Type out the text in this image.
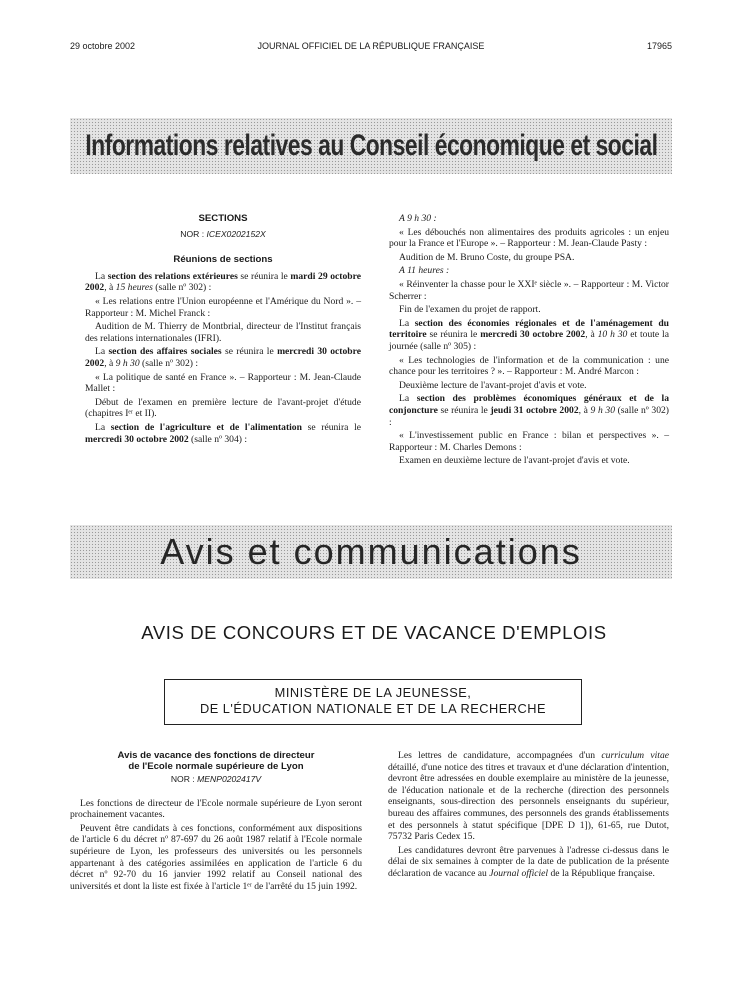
29 octobre 2002	JOURNAL OFFICIEL DE LA RÉPUBLIQUE FRANÇAISE	17965
Informations relatives au Conseil économique et social
SECTIONS
NOR : ICEX0202152X
Réunions de sections

La section des relations extérieures se réunira le mardi 29 octobre 2002, à 15 heures (salle nº 302) :

« Les relations entre l'Union européenne et l'Amérique du Nord ». – Rapporteur : M. Michel Franck :

Audition de M. Thierry de Montbrial, directeur de l'Institut français des relations internationales (IFRI).

La section des affaires sociales se réunira le mercredi 30 octobre 2002, à 9 h 30 (salle nº 302) :

« La politique de santé en France ». – Rapporteur : M. Jean-Claude Mallet :

Début de l'examen en première lecture de l'avant-projet d'étude (chapitres Iᵉʳ et II).

La section de l'agriculture et de l'alimentation se réunira le mercredi 30 octobre 2002 (salle nº 304) :

A 9 h 30 :

« Les débouchés non alimentaires des produits agricoles : un enjeu pour la France et l'Europe ». – Rapporteur : M. Jean-Claude Pasty :

Audition de M. Bruno Coste, du groupe PSA.

A 11 heures :

« Réinventer la chasse pour le XXIᵉ siècle ». – Rapporteur : M. Victor Scherrer :

Fin de l'examen du projet de rapport.

La section des économies régionales et de l'aménagement du territoire se réunira le mercredi 30 octobre 2002, à 10 h 30 et toute la journée (salle nº 305) :

« Les technologies de l'information et de la communication : une chance pour les territoires ? ». – Rapporteur : M. André Marcon :

Deuxième lecture de l'avant-projet d'avis et vote.

La section des problèmes économiques généraux et de la conjoncture se réunira le jeudi 31 octobre 2002, à 9 h 30 (salle nº 302) :

« L'investissement public en France : bilan et perspectives ». – Rapporteur : M. Charles Demons :

Examen en deuxième lecture de l'avant-projet d'avis et vote.

Avis et communications
AVIS DE CONCOURS ET DE VACANCE D'EMPLOIS
MINISTÈRE DE LA JEUNESSE,
DE L'ÉDUCATION NATIONALE ET DE LA RECHERCHE
Avis de vacance des fonctions de directeur
de l'Ecole normale supérieure de Lyon
NOR : MENP0202417V

Les fonctions de directeur de l'Ecole normale supérieure de Lyon seront prochainement vacantes.

Peuvent être candidats à ces fonctions, conformément aux dispositions de l'article 6 du décret nº 87-697 du 26 août 1987 relatif à l'Ecole normale supérieure de Lyon, les professeurs des universités ou les personnels appartenant à des catégories assimilées en application de l'article 6 du décret nº 92-70 du 16 janvier 1992 relatif au Conseil national des universités et dont la liste est fixée à l'article 1ᵉʳ de l'arrêté du 15 juin 1992.

Les lettres de candidature, accompagnées d'un curriculum vitae détaillé, d'une notice des titres et travaux et d'une déclaration d'intention, devront être adressées en double exemplaire au ministère de la jeunesse, de l'éducation nationale et de la recherche (direction des personnels enseignants, sous-direction des personnels enseignants du supérieur, bureau des affaires communes, des personnels des grands établissements et des personnels à statut spécifique [DPE D 1]), 61-65, rue Dutot, 75732 Paris Cedex 15.

Les candidatures devront être parvenues à l'adresse ci-dessus dans le délai de six semaines à compter de la date de publication de la présente déclaration de vacance au Journal officiel de la République française.
